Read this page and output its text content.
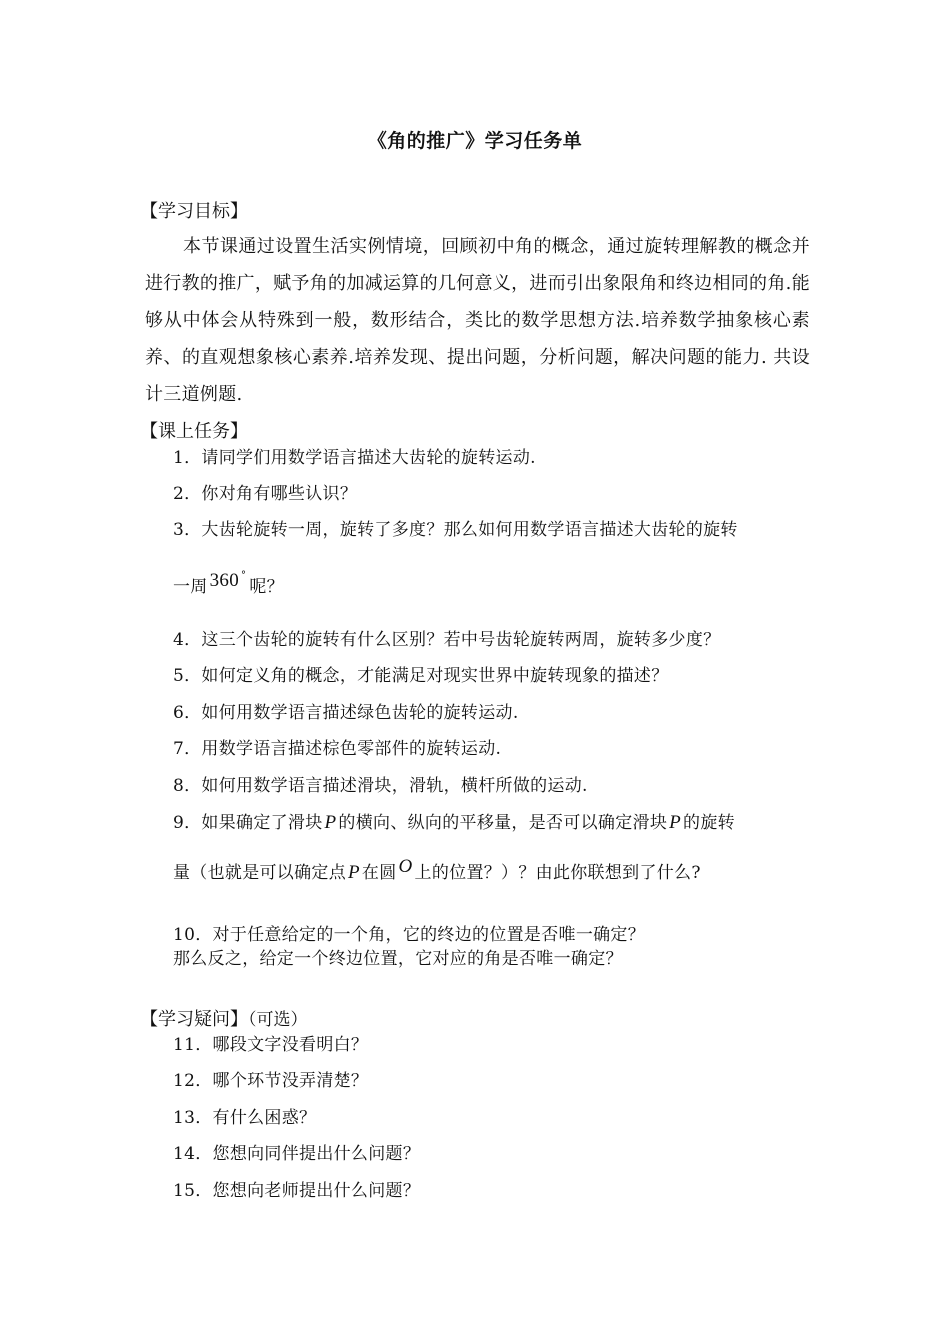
《角的推广》学习任务单
【学习目标】
本节课通过设置生活实例情境，回顾初中角的概念，通过旋转理解教的概念并进行教的推广，赋予角的加减运算的几何意义，进而引出象限角和终边相同的角.能够从中体会从特殊到一般，数形结合，类比的数学思想方法.培养数学抽象核心素养、的直观想象核心素养.培养发现、提出问题，分析问题，解决问题的能力. 共设计三道例题.
【课上任务】
1．请同学们用数学语言描述大齿轮的旋转运动.
2．你对角有哪些认识？
3．大齿轮旋转一周，旋转了多度？那么如何用数学语言描述大齿轮的旋转
一周 360 °呢？
4．这三个齿轮的旋转有什么区别？若中号齿轮旋转两周，旋转多少度？
5．如何定义角的概念，才能满足对现实世界中旋转现象的描述？
6．如何用数学语言描述绿色齿轮的旋转运动.
7．用数学语言描述棕色零部件的旋转运动.
8．如何用数学语言描述滑块，滑轨，横杆所做的运动.
9．如果确定了滑块 P 的横向、纵向的平移量，是否可以确定滑块 P 的旋转
量（也就是可以确定点 P 在圆 O 上的位置？）？由此你联想到了什么?
10．对于任意给定的一个角，它的终边的位置是否唯一确定？
那么反之，给定一个终边位置，它对应的角是否唯一确定？
【学习疑问】（可选）
11．哪段文字没看明白？
12．哪个环节没弄清楚？
13．有什么困惑？
14．您想向同伴提出什么问题？
15．您想向老师提出什么问题？
